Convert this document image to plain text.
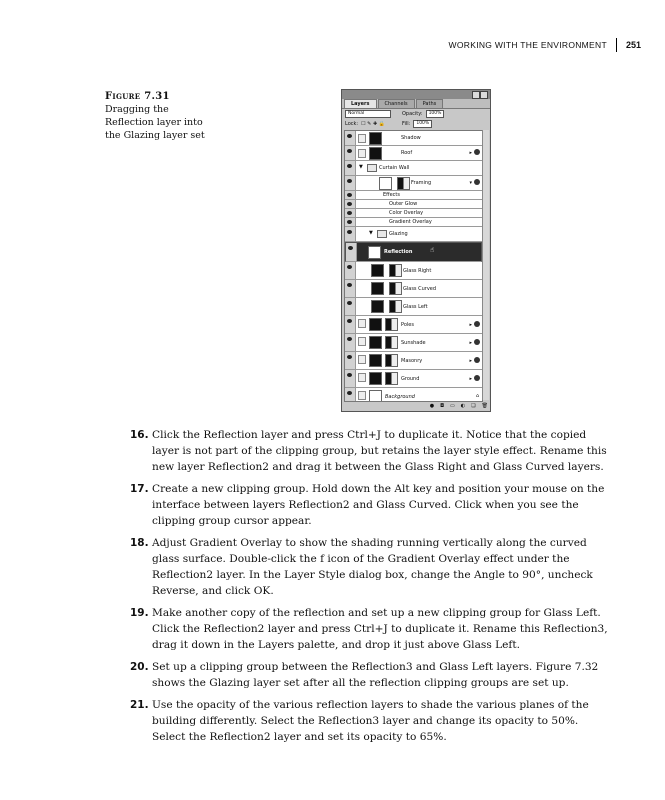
WORKING WITH THE ENVIRONMENT	251
Figure 7.31
Dragging the Reflection layer into the Glazing layer set
Layers	Channels	Paths
Normal	Opacity:	100%
Lock: ☐ ✎ ✚ 🔒	Fill:	100%
Shadow
Roof	▸
▼	Curtain Wall
Framing	▾
Effects
Outer Glow
Color Overlay
Gradient Overlay
▼	Glazing
Reflection	☝
Glass Right
Glass Curved
Glass Left
Poles	▸
Sunshade	▸
Masonry	▸
Ground	▸
Background	⌂
● ◘ ▭ ◐ ❏ 🗑
16. Click the Reflection layer and press Ctrl+J to duplicate it. Notice that the copied layer is not part of the clipping group, but retains the layer style effect. Rename this new layer Reflection2 and drag it between the Glass Right and Glass Curved layers.
17. Create a new clipping group. Hold down the Alt key and position your mouse on the interface between layers Reflection2 and Glass Curved. Click when you see the clipping group cursor appear.
18. Adjust Gradient Overlay to show the shading running vertically along the curved glass surface. Double-click the f icon of the Gradient Overlay effect under the Reflection2 layer. In the Layer Style dialog box, change the Angle to 90°, uncheck Reverse, and click OK.
19. Make another copy of the reflection and set up a new clipping group for Glass Left. Click the Reflection2 layer and press Ctrl+J to duplicate it. Rename this Reflection3, drag it down in the Layers palette, and drop it just above Glass Left.
20. Set up a clipping group between the Reflection3 and Glass Left layers. Figure 7.32 shows the Glazing layer set after all the reflection clipping groups are set up.
21. Use the opacity of the various reflection layers to shade the various planes of the building differently. Select the Reflection3 layer and change its opacity to 50%. Select the Reflection2 layer and set its opacity to 65%.
